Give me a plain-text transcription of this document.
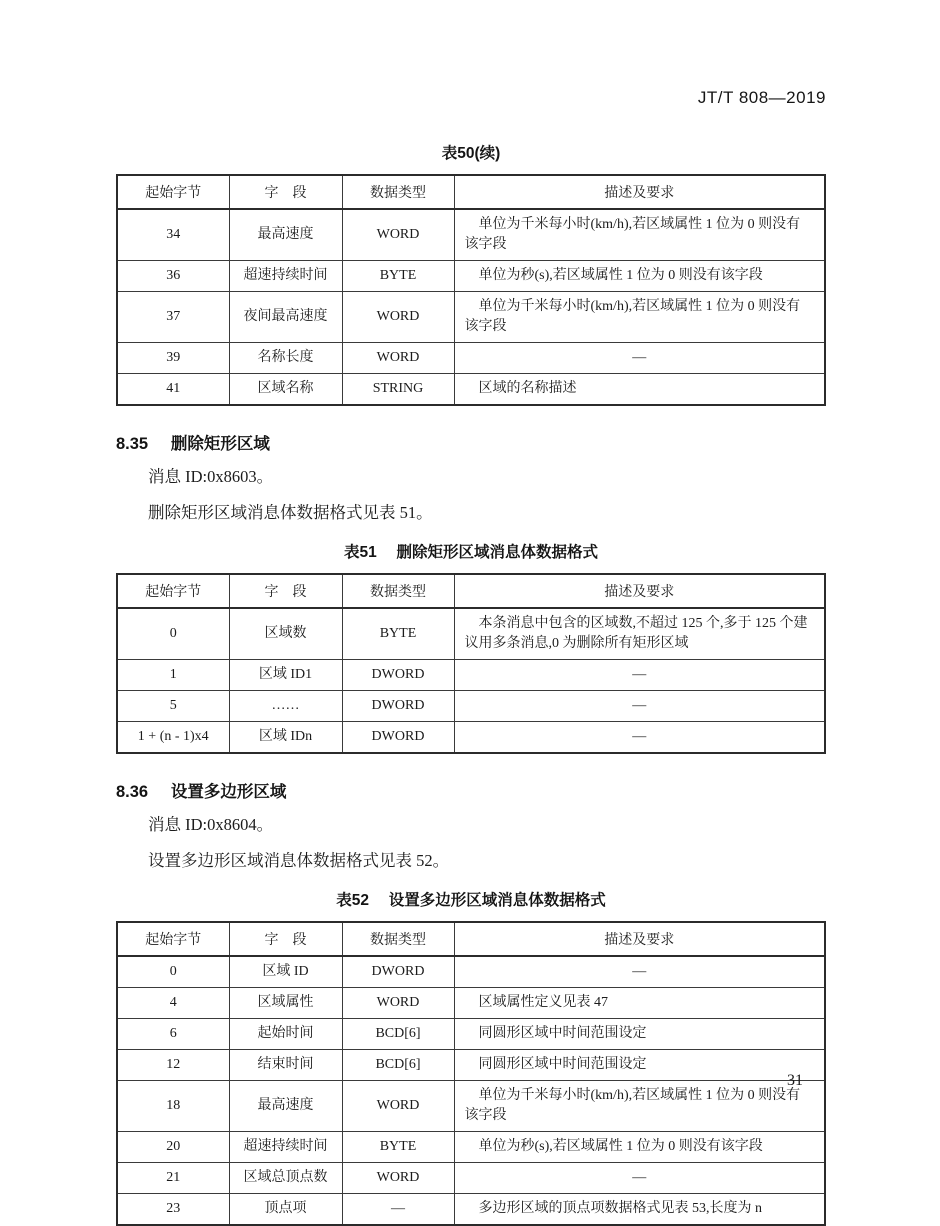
JT/T 808—2019
表50(续)
起始字节	字　段	数据类型	描述及要求
34	最高速度	WORD	单位为千米每小时(km/h),若区域属性 1 位为 0 则没有该字段
36	超速持续时间	BYTE	单位为秒(s),若区域属性 1 位为 0 则没有该字段
37	夜间最高速度	WORD	单位为千米每小时(km/h),若区域属性 1 位为 0 则没有该字段
39	名称长度	WORD	—
41	区域名称	STRING	区域的名称描述
8.35 删除矩形区域

消息 ID:0x8603。

删除矩形区域消息体数据格式见表 51。

表51 删除矩形区域消息体数据格式
起始字节	字　段	数据类型	描述及要求
0	区域数	BYTE	本条消息中包含的区域数,不超过 125 个,多于 125 个建议用多条消息,0 为删除所有矩形区域
1	区域 ID1	DWORD	—
5	……	DWORD	—
1 + (n - 1)x4	区域 IDn	DWORD	—
8.36 设置多边形区域

消息 ID:0x8604。

设置多边形区域消息体数据格式见表 52。

表52 设置多边形区域消息体数据格式
起始字节	字　段	数据类型	描述及要求
0	区域 ID	DWORD	—
4	区域属性	WORD	区域属性定义见表 47
6	起始时间	BCD[6]	同圆形区域中时间范围设定
12	结束时间	BCD[6]	同圆形区域中时间范围设定
18	最高速度	WORD	单位为千米每小时(km/h),若区域属性 1 位为 0 则没有该字段
20	超速持续时间	BYTE	单位为秒(s),若区域属性 1 位为 0 则没有该字段
21	区域总顶点数	WORD	—
23	顶点项	—	多边形区域的顶点项数据格式见表 53,长度为 n
31
